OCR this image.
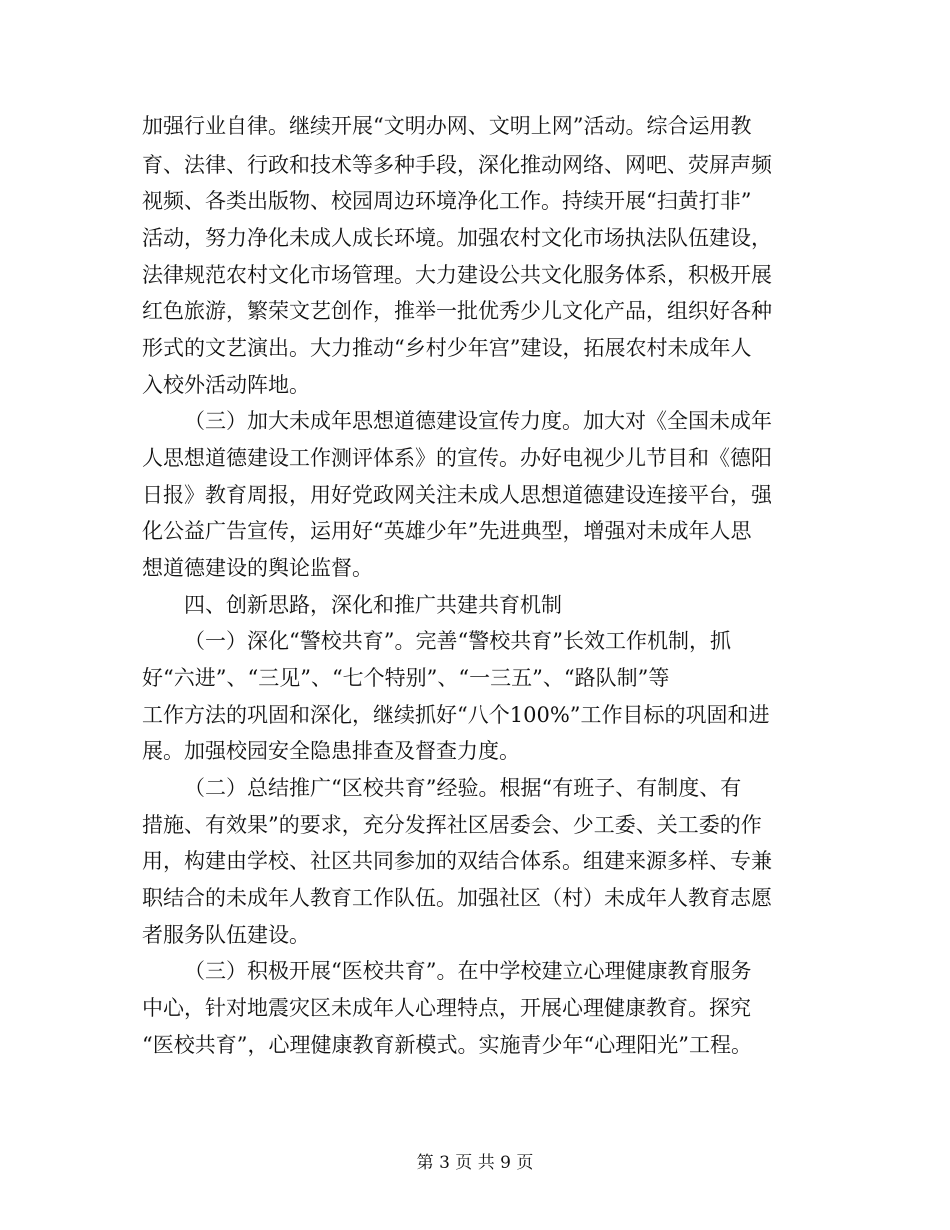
加强行业自律。继续开展“文明办网、文明上网”活动。综合运用教
育、法律、行政和技术等多种手段，深化推动网络、网吧、荧屏声频
视频、各类出版物、校园周边环境净化工作。持续开展“扫黄打非”
活动，努力净化未成人成长环境。加强农村文化市场执法队伍建设，
法律规范农村文化市场管理。大力建设公共文化服务体系，积极开展
红色旅游，繁荣文艺创作，推举一批优秀少儿文化产品，组织好各种
形式的文艺演出。大力推动“乡村少年宫”建设，拓展农村未成年人
入校外活动阵地。
（三）加大未成年思想道德建设宣传力度。加大对《全国未成年
人思想道德建设工作测评体系》的宣传。办好电视少儿节目和《德阳
日报》教育周报，用好党政网关注未成人思想道德建设连接平台，强
化公益广告宣传，运用好“英雄少年”先进典型，增强对未成年人思
想道德建设的舆论监督。
四、创新思路，深化和推广共建共育机制
（一）深化“警校共育”。完善“警校共育”长效工作机制，抓
好“六进”、“三见”、“七个特别”、“一三五”、“路队制”等
工作方法的巩固和深化，继续抓好“八个100%”工作目标的巩固和进
展。加强校园安全隐患排查及督查力度。
（二）总结推广“区校共育”经验。根据“有班子、有制度、有
措施、有效果”的要求，充分发挥社区居委会、少工委、关工委的作
用，构建由学校、社区共同参加的双结合体系。组建来源多样、专兼
职结合的未成年人教育工作队伍。加强社区（村）未成年人教育志愿
者服务队伍建设。
（三）积极开展“医校共育”。在中学校建立心理健康教育服务
中心，针对地震灾区未成年人心理特点，开展心理健康教育。探究
“医校共育”，心理健康教育新模式。实施青少年“心理阳光”工程。
第 3 页 共 9 页
